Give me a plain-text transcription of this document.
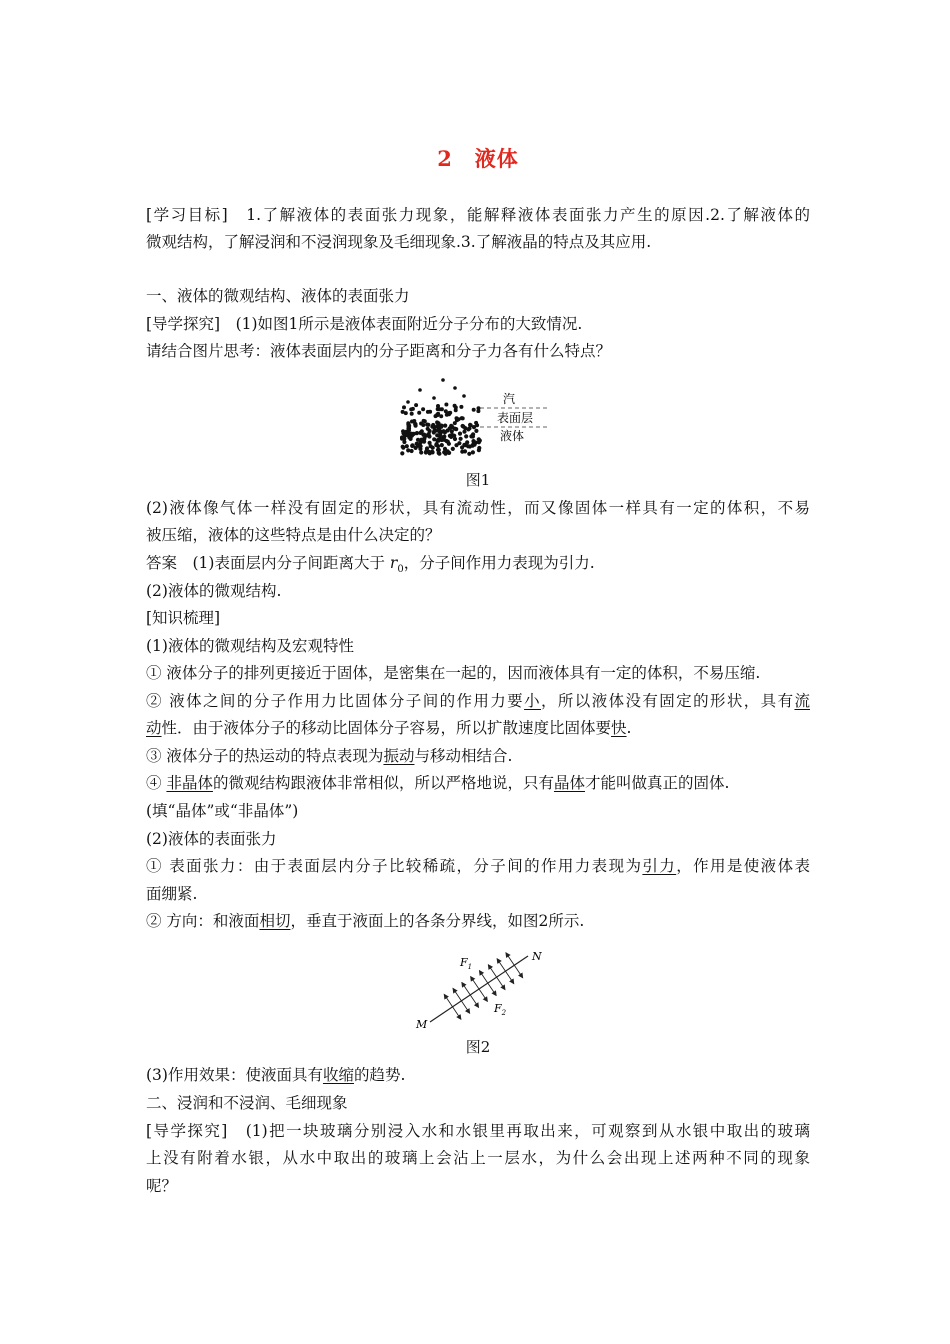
2　液体
[学习目标]　1.了解液体的表面张力现象，能解释液体表面张力产生的原因.2.了解液体的
微观结构，了解浸润和不浸润现象及毛细现象.3.了解液晶的特点及其应用.
一、液体的微观结构、液体的表面张力
[导学探究]　(1)如图1所示是液体表面附近分子分布的大致情况.
请结合图片思考：液体表面层内的分子距离和分子力各有什么特点？
汽
表面层
液体
图1
(2)液体像气体一样没有固定的形状，具有流动性，而又像固体一样具有一定的体积，不易
被压缩，液体的这些特点是由什么决定的？
答案　(1)表面层内分子间距离大于 $r_0$，分子间作用力表现为引力.
(2)液体的微观结构.
[知识梳理]
(1)液体的微观结构及宏观特性
① 液体分子的排列更接近于固体，是密集在一起的，因而液体具有一定的体积，不易压缩.
② 液体之间的分子作用力比固体分子间的作用力要小，所以液体没有固定的形状，具有流
动性．由于液体分子的移动比固体分子容易，所以扩散速度比固体要快.
③ 液体分子的热运动的特点表现为振动与移动相结合.
④ 非晶体的微观结构跟液体非常相似，所以严格地说，只有晶体才能叫做真正的固体.
(填“晶体”或“非晶体”)
(2)液体的表面张力
① 表面张力：由于表面层内分子比较稀疏，分子间的作用力表现为引力，作用是使液体表
面绷紧.
② 方向：和液面相切，垂直于液面上的各条分界线，如图2所示.
M
N
$F_1$
$F_2$
图2
(3)作用效果：使液面具有收缩的趋势.
二、浸润和不浸润、毛细现象
[导学探究]　(1)把一块玻璃分别浸入水和水银里再取出来，可观察到从水银中取出的玻璃
上没有附着水银，从水中取出的玻璃上会沾上一层水，为什么会出现上述两种不同的现象
呢？
